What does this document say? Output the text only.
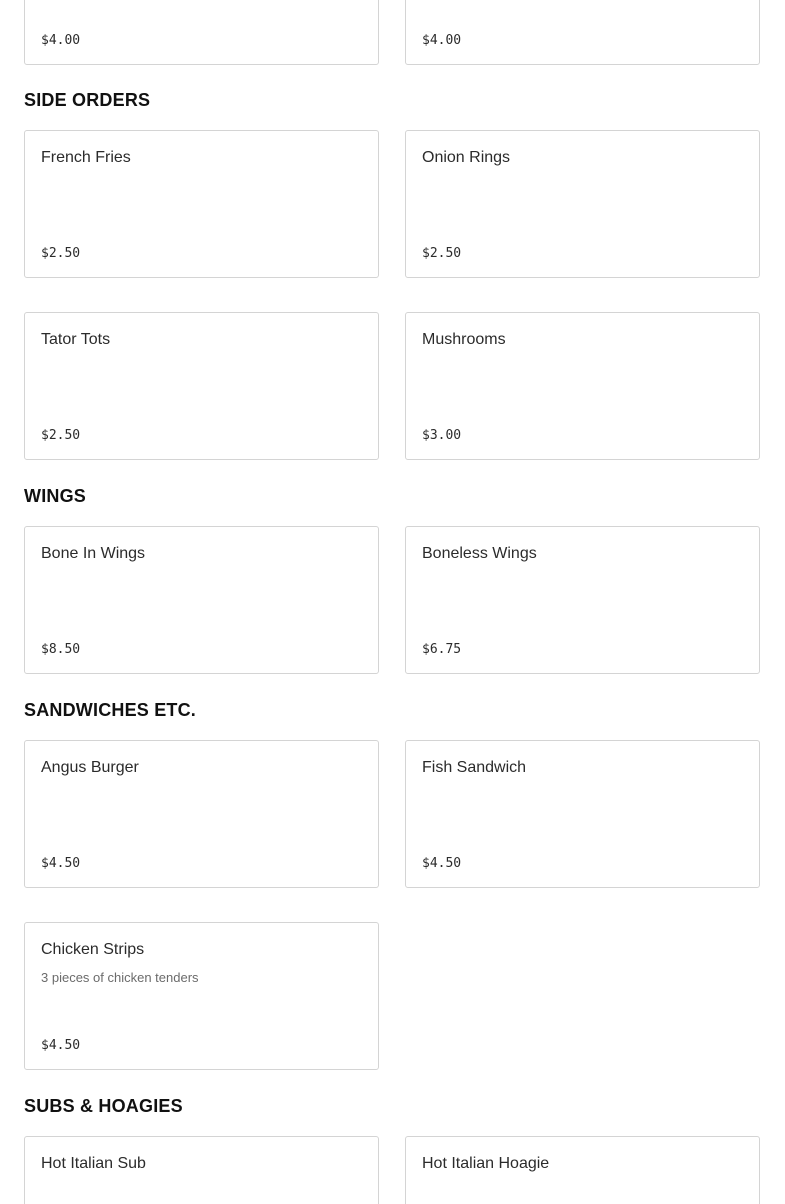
$4.00	$4.00
SIDE ORDERS
French Fries
$2.50
Onion Rings
$2.50
Tator Tots
$2.50
Mushrooms
$3.00
WINGS
Bone In Wings
$8.50
Boneless Wings
$6.75
SANDWICHES ETC.
Angus Burger
$4.50
Fish Sandwich
$4.50
Chicken Strips
3 pieces of chicken tenders
$4.50
SUBS & HOAGIES
Hot Italian Sub	Hot Italian Hoagie
